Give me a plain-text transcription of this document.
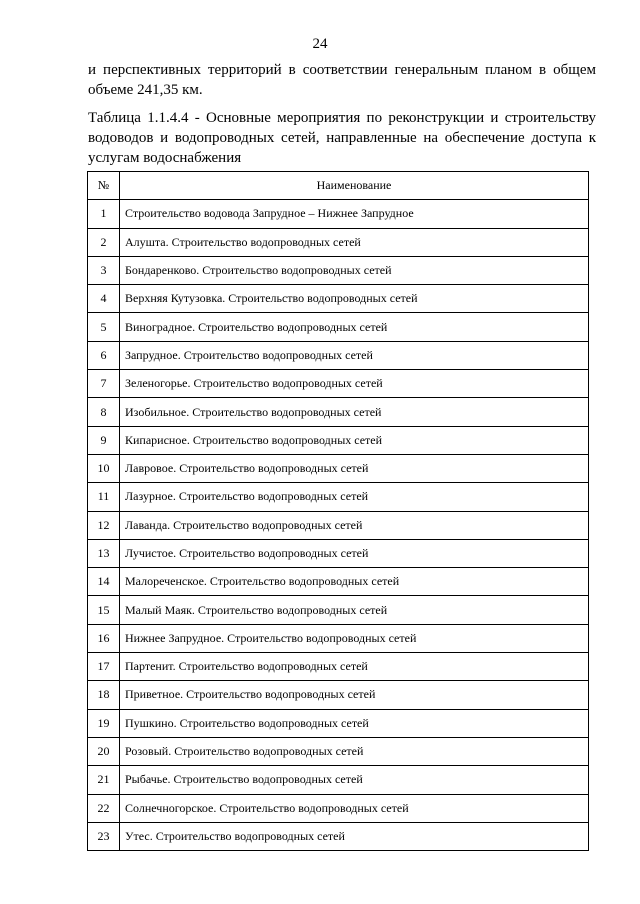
24

и перспективных территорий в соответствии генеральным планом в общем объеме 241,35 км.

Таблица 1.1.4.4 - Основные мероприятия по реконструкции и строительству водоводов и водопроводных сетей, направленные на обеспечение доступа к услугам водоснабжения

№	Наименование
1	Строительство водовода Запрудное – Нижнее Запрудное
2	Алушта. Строительство водопроводных сетей
3	Бондаренково. Строительство водопроводных сетей
4	Верхняя Кутузовка. Строительство водопроводных сетей
5	Виноградное. Строительство водопроводных сетей
6	Запрудное. Строительство водопроводных сетей
7	Зеленогорье. Строительство водопроводных сетей
8	Изобильное. Строительство водопроводных сетей
9	Кипарисное. Строительство водопроводных сетей
10	Лавровое. Строительство водопроводных сетей
11	Лазурное. Строительство водопроводных сетей
12	Лаванда. Строительство водопроводных сетей
13	Лучистое. Строительство водопроводных сетей
14	Малореченское. Строительство водопроводных сетей
15	Малый Маяк. Строительство водопроводных сетей
16	Нижнее Запрудное. Строительство водопроводных сетей
17	Партенит. Строительство водопроводных сетей
18	Приветное. Строительство водопроводных сетей
19	Пушкино. Строительство водопроводных сетей
20	Розовый. Строительство водопроводных сетей
21	Рыбачье. Строительство водопроводных сетей
22	Солнечногорское. Строительство водопроводных сетей
23	Утес. Строительство водопроводных сетей
